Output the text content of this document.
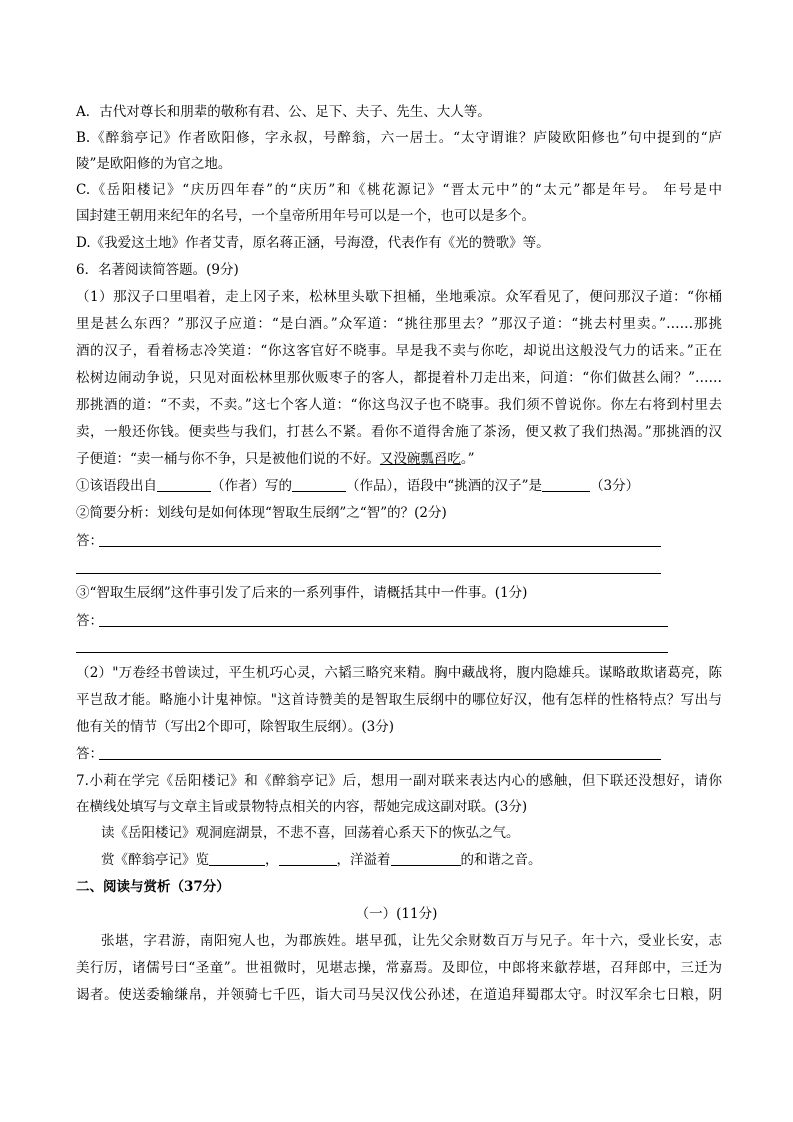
A．古代对尊长和朋辈的敬称有君、公、足下、夫子、先生、大人等。
B.《醉翁亭记》作者欧阳修，字永叔，号醉翁，六一居士。“太守谓谁？庐陵欧阳修也”句中提到的“庐
陵”是欧阳修的为官之地。
C.《岳阳楼记》“庆历四年春”的“庆历”和《桃花源记》“晋太元中”的“太元”都是年号。 年号是中
国封建王朝用来纪年的名号，一个皇帝所用年号可以是一个，也可以是多个。
D.《我爱这土地》作者艾青，原名蒋正涵，号海澄，代表作有《光的赞歌》等。
6．名著阅读简答题。(9分)
（1）那汉子口里唱着，走上冈子来，松林里头歇下担桶，坐地乘凉。众军看见了，便问那汉子道：“你桶
里是甚么东西？”那汉子应道：“是白酒。”众军道：“挑往那里去？”那汉子道：“挑去村里卖。”……那挑
酒的汉子，看着杨志冷笑道：“你这客官好不晓事。早是我不卖与你吃，却说出这般没气力的话来。”正在
松树边闹动争说，只见对面松林里那伙贩枣子的客人，都提着朴刀走出来，问道：“你们做甚么闹？”……
那挑酒的道：“不卖，不卖。”这七个客人道：“你这鸟汉子也不晓事。我们须不曾说你。你左右将到村里去
卖，一般还你钱。便卖些与我们，打甚么不紧。看你不道得舍施了茶汤，便又救了我们热渴。”那挑酒的汉
子便道：“卖一桶与你不争，只是被他们说的不好。又没碗瓢舀吃。”
①该语段出自	（作者）写的	（作品），语段中“挑酒的汉子”是	（3分）
②简要分析：划线句是如何体现“智取生辰纲”之“智”的？(2分)
答：
③“智取生辰纲”这件事引发了后来的一系列事件，请概括其中一件事。(1分)
答：
（2）"万卷经书曾读过，平生机巧心灵，六韬三略究来精。胸中藏战将，腹内隐雄兵。谋略敢欺诸葛亮，陈
平岂敌才能。略施小计鬼神惊。"这首诗赞美的是智取生辰纲中的哪位好汉，他有怎样的性格特点？写出与
他有关的情节（写出2个即可，除智取生辰纲）。(3分)
答：
7.小莉在学完《岳阳楼记》和《醉翁亭记》后，想用一副对联来表达内心的感触，但下联还没想好，请你
在横线处填写与文章主旨或景物特点相关的内容，帮她完成这副对联。(3分)
读《岳阳楼记》观洞庭湖景，不悲不喜，回荡着心系天下的恢弘之气。
赏《醉翁亭记》览	，	，洋溢着	的和谐之音。
二、阅读与赏析（37分）
（一）(11分)
张堪，字君游，南阳宛人也，为郡族姓。堪早孤，让先父余财数百万与兄子。年十六，受业长安，志
美行厉，诸儒号曰“圣童”。世祖微时，见堪志操，常嘉焉。及即位，中郎将来歙荐堪，召拜郎中，三迁为
谒者。使送委输缣帛，并领骑七千匹，诣大司马吴汉伐公孙述，在道追拜蜀郡太守。时汉军余七日粮，阴
